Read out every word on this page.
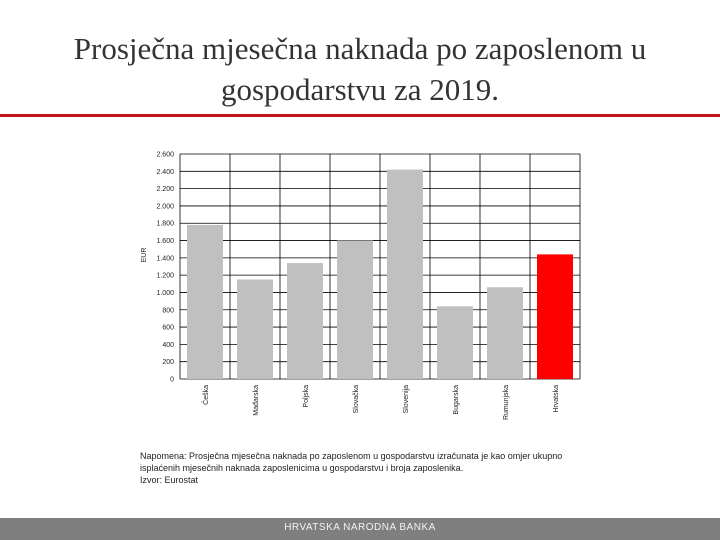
Prosječna mjesečna naknada po zaposlenom u
gospodarstvu za 2019.
0
200
400
600
800
1.000
1.200
1.400
1.600
1.800
2.000
2.200
2.400
2.600
Češka	Mađarska	Poljska	Slovačka	Slovenija	Bugarska	Rumunjska	Hrvatska
EUR
Napomena: Prosječna mjesečna naknada po zaposlenom u gospodarstvu izračunata je kao omjer ukupno
isplaćenih mjesečnih naknada zaposlenicima u gospodarstvu i broja zaposlenika.
Izvor: Eurostat
HRVATSKA NARODNA BANKA
